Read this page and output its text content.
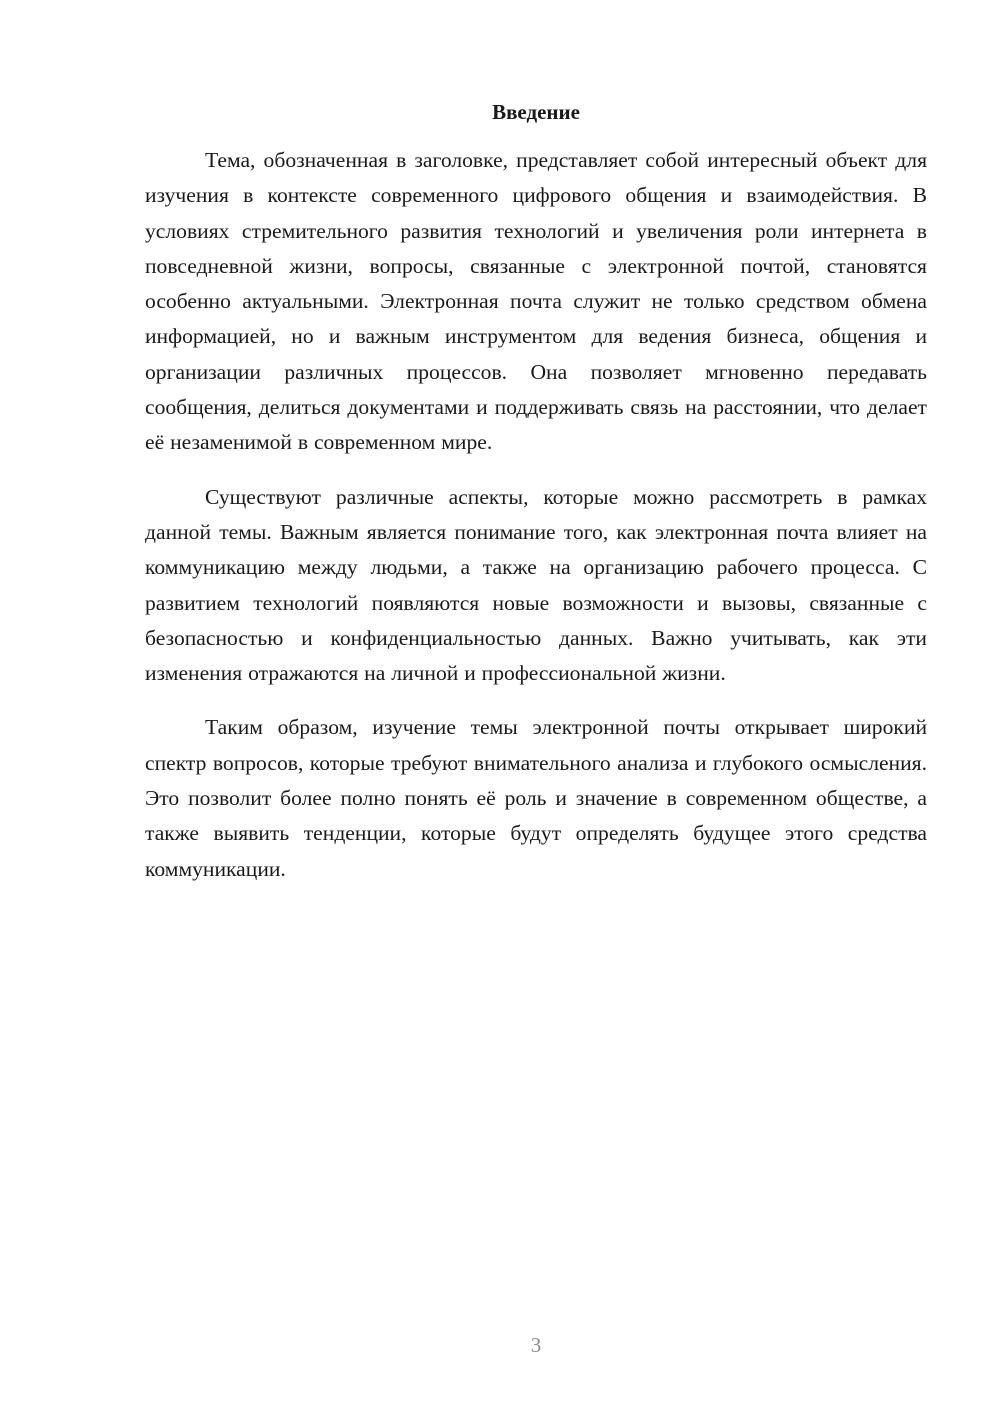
Введение

Тема, обозначенная в заголовке, представляет собой интересный объект для изучения в контексте современного цифрового общения и взаимодействия. В условиях стремительного развития технологий и увеличения роли интернета в повседневной жизни, вопросы, связанные с электронной почтой, становятся особенно актуальными. Электронная почта служит не только средством обмена информацией, но и важным инструментом для ведения бизнеса, общения и организации различных процессов. Она позволяет мгновенно передавать сообщения, делиться документами и поддерживать связь на расстоянии, что делает её незаменимой в современном мире.

Существуют различные аспекты, которые можно рассмотреть в рамках данной темы. Важным является понимание того, как электронная почта влияет на коммуникацию между людьми, а также на организацию рабочего процесса. С развитием технологий появляются новые возможности и вызовы, связанные с безопасностью и конфиденциальностью данных. Важно учитывать, как эти изменения отражаются на личной и профессиональной жизни.

Таким образом, изучение темы электронной почты открывает широкий спектр вопросов, которые требуют внимательного анализа и глубокого осмысления. Это позволит более полно понять её роль и значение в современном обществе, а также выявить тенденции, которые будут определять будущее этого средства коммуникации.

3
